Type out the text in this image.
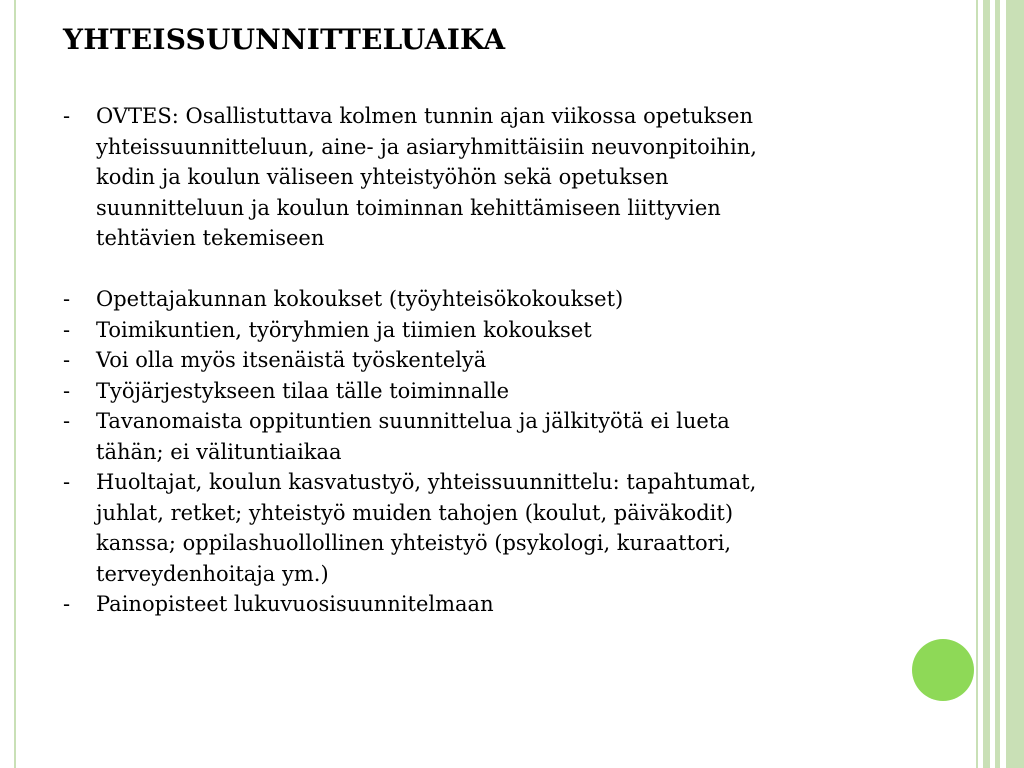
YHTEISSUUNNITTELUAIKA
-	OVTES: Osallistuttava kolmen tunnin ajan viikossa opetuksen
yhteissuunnitteluun, aine- ja asiaryhmittäisiin neuvonpitoihin,
kodin ja koulun väliseen yhteistyöhön sekä opetuksen
suunnitteluun ja koulun toiminnan kehittämiseen liittyvien
tehtävien tekemiseen
-	Opettajakunnan kokoukset (työyhteisökokoukset)
-	Toimikuntien, työryhmien ja tiimien kokoukset
-	Voi olla myös itsenäistä työskentelyä
-	Työjärjestykseen tilaa tälle toiminnalle
-	Tavanomaista oppituntien suunnittelua ja jälkityötä ei lueta
tähän; ei välituntiaikaa
-	Huoltajat, koulun kasvatustyö, yhteissuunnittelu: tapahtumat,
juhlat, retket; yhteistyö muiden tahojen (koulut, päiväkodit)
kanssa; oppilashuollollinen yhteistyö (psykologi, kuraattori,
terveydenhoitaja ym.)
-	Painopisteet lukuvuosisuunnitelmaan
